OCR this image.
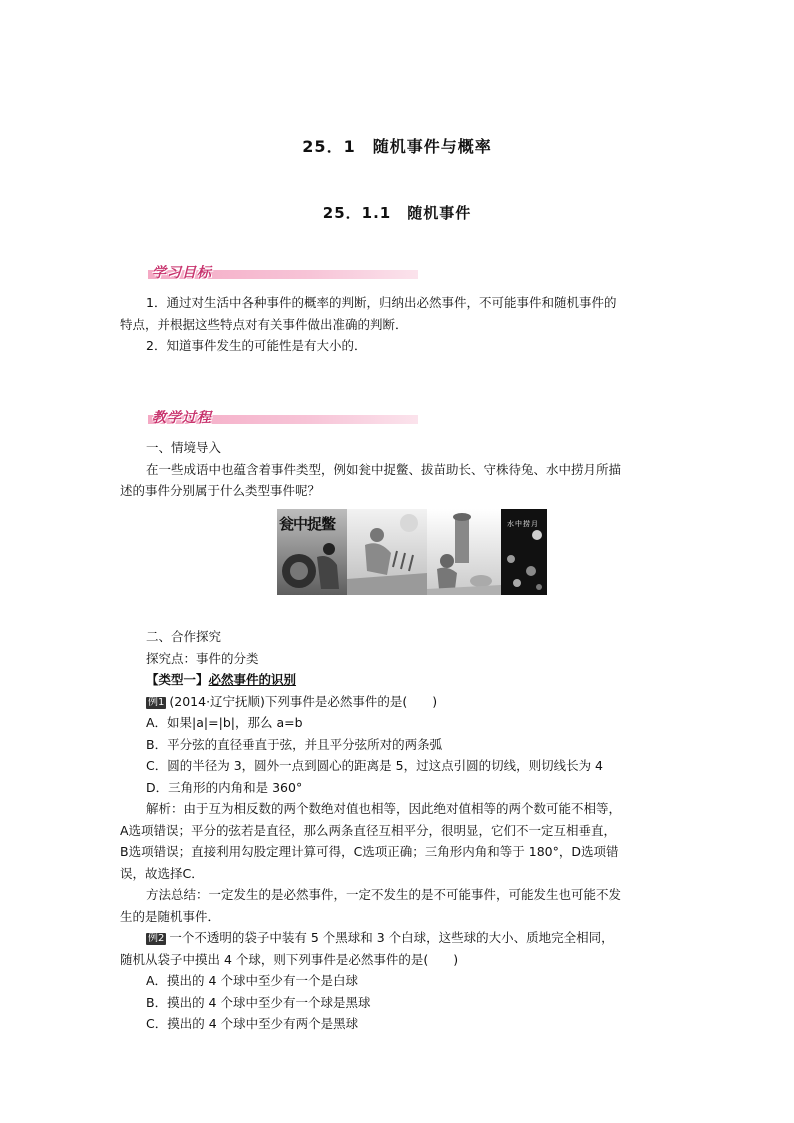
25．1　随机事件与概率
25．1.1　随机事件
学习目标
1．通过对生活中各种事件的概率的判断，归纳出必然事件，不可能事件和随机事件的
特点，并根据这些特点对有关事件做出准确的判断．
2．知道事件发生的可能性是有大小的．
教学过程
一、情境导入
在一些成语中也蕴含着事件类型，例如瓮中捉鳖、拔苗助长、守株待兔、水中捞月所描
述的事件分别属于什么类型事件呢？
瓮中捉鳖	水中捞月
二、合作探究
探究点：事件的分类
【类型一】必然事件的识别
例1 (2014·辽宁抚顺)下列事件是必然事件的是(　　)
A．如果|a|=|b|，那么 a=b
B．平分弦的直径垂直于弦，并且平分弦所对的两条弧
C．圆的半径为 3，圆外一点到圆心的距离是 5，过这点引圆的切线，则切线长为 4
D．三角形的内角和是 360°
解析：由于互为相反数的两个数绝对值也相等，因此绝对值相等的两个数可能不相等，
A选项错误；平分的弦若是直径，那么两条直径互相平分，很明显，它们不一定互相垂直，
B选项错误；直接利用勾股定理计算可得，C选项正确；三角形内角和等于 180°，D选项错
误，故选择C．
方法总结：一定发生的是必然事件，一定不发生的是不可能事件，可能发生也可能不发
生的是随机事件．
例2 一个不透明的袋子中装有 5 个黑球和 3 个白球，这些球的大小、质地完全相同，
随机从袋子中摸出 4 个球，则下列事件是必然事件的是(　　)
A．摸出的 4 个球中至少有一个是白球
B．摸出的 4 个球中至少有一个球是黑球
C．摸出的 4 个球中至少有两个是黑球
